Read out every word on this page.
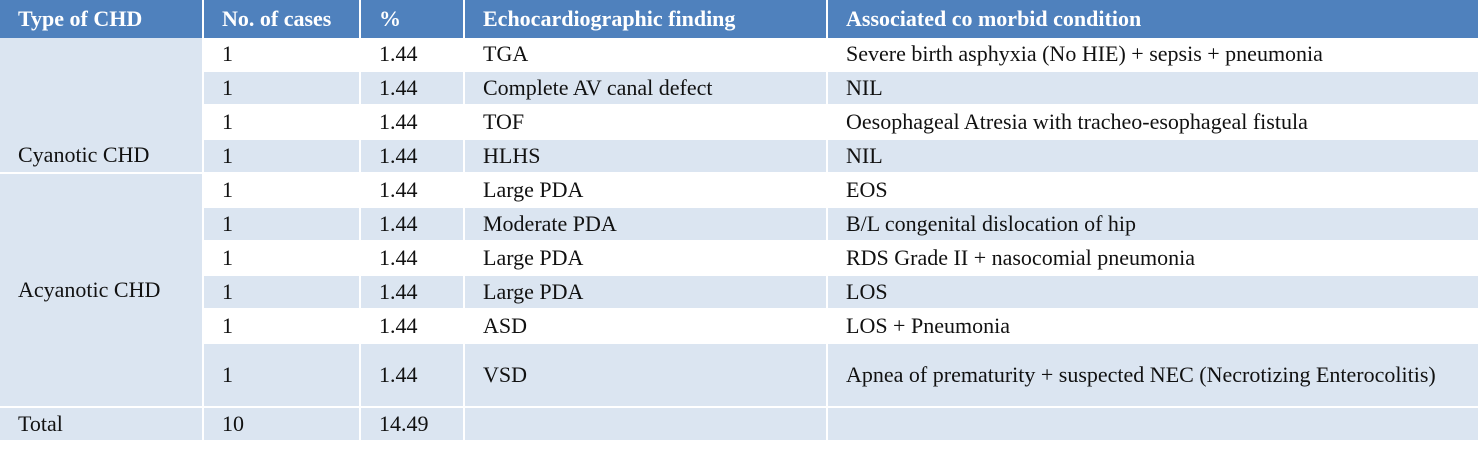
Type of CHD	No. of cases	%	Echocardiographic finding	Associated co morbid condition
Cyanotic CHD	1	1.44	TGA	Severe birth asphyxia (No HIE) + sepsis + pneumonia
	1	1.44	Complete AV canal defect	NIL
	1	1.44	TOF	Oesophageal Atresia with tracheo-esophageal fistula
	1	1.44	HLHS	NIL
Acyanotic CHD	1	1.44	Large PDA	EOS
	1	1.44	Moderate PDA	B/L congenital dislocation of hip
	1	1.44	Large PDA	RDS Grade II + nasocomial pneumonia
	1	1.44	Large PDA	LOS
	1	1.44	ASD	LOS + Pneumonia
	1	1.44	VSD	Apnea of prematurity + suspected NEC (Necrotizing Enterocolitis)
Total	10	14.49		
